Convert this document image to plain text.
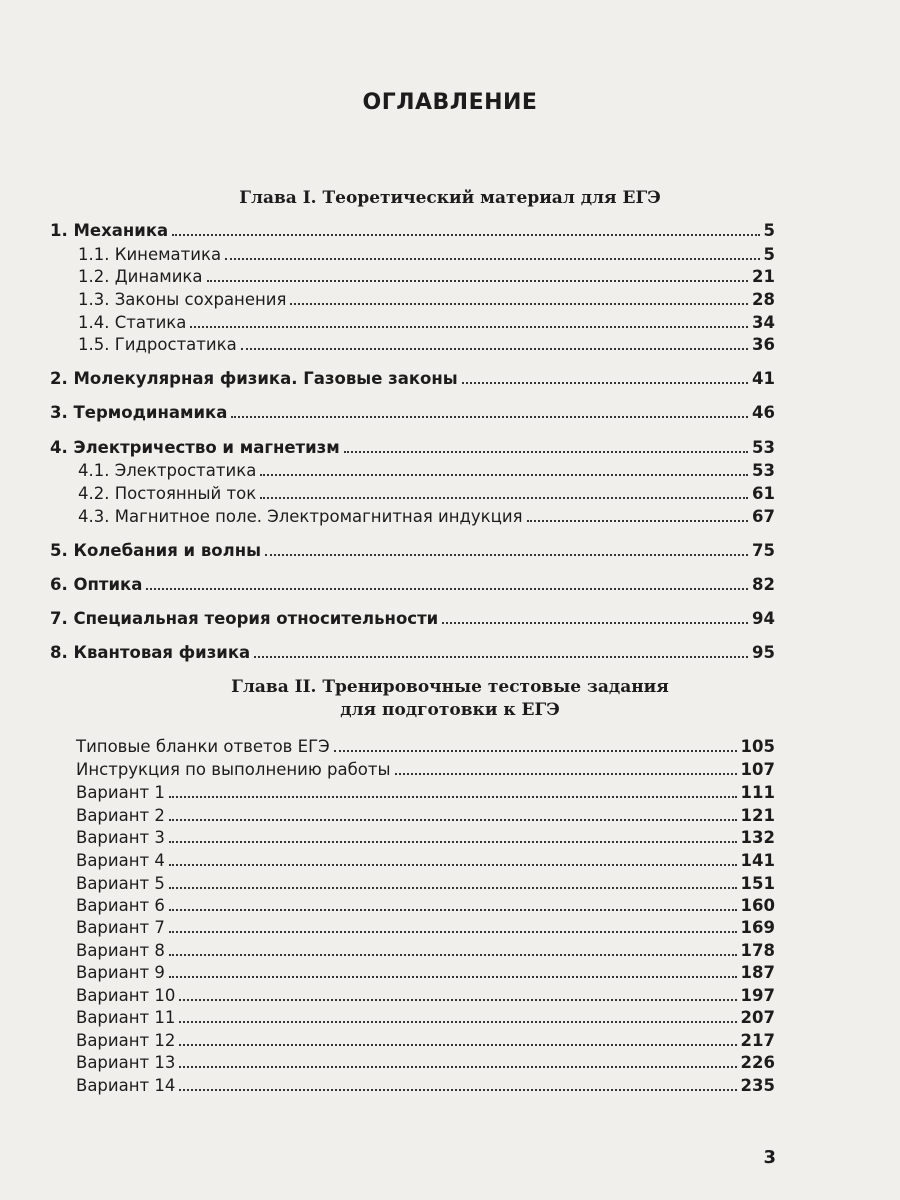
ОГЛАВЛЕНИЕ
Глава I. Теоретический материал для ЕГЭ
1. Механика	5
1.1. Кинематика	5
1.2. Динамика	21
1.3. Законы сохранения	28
1.4. Статика	34
1.5. Гидростатика	36
2. Молекулярная физика. Газовые законы	41
3. Термодинамика	46
4. Электричество и магнетизм	53
4.1. Электростатика	53
4.2. Постоянный ток	61
4.3. Магнитное поле. Электромагнитная индукция	67
5. Колебания и волны	75
6. Оптика	82
7. Специальная теория относительности	94
8. Квантовая физика	95
Глава II. Тренировочные тестовые задания
для подготовки к ЕГЭ
Типовые бланки ответов ЕГЭ	105
Инструкция по выполнению работы	107
Вариант 1	111
Вариант 2	121
Вариант 3	132
Вариант 4	141
Вариант 5	151
Вариант 6	160
Вариант 7	169
Вариант 8	178
Вариант 9	187
Вариант 10	197
Вариант 11	207
Вариант 12	217
Вариант 13	226
Вариант 14	235
3
